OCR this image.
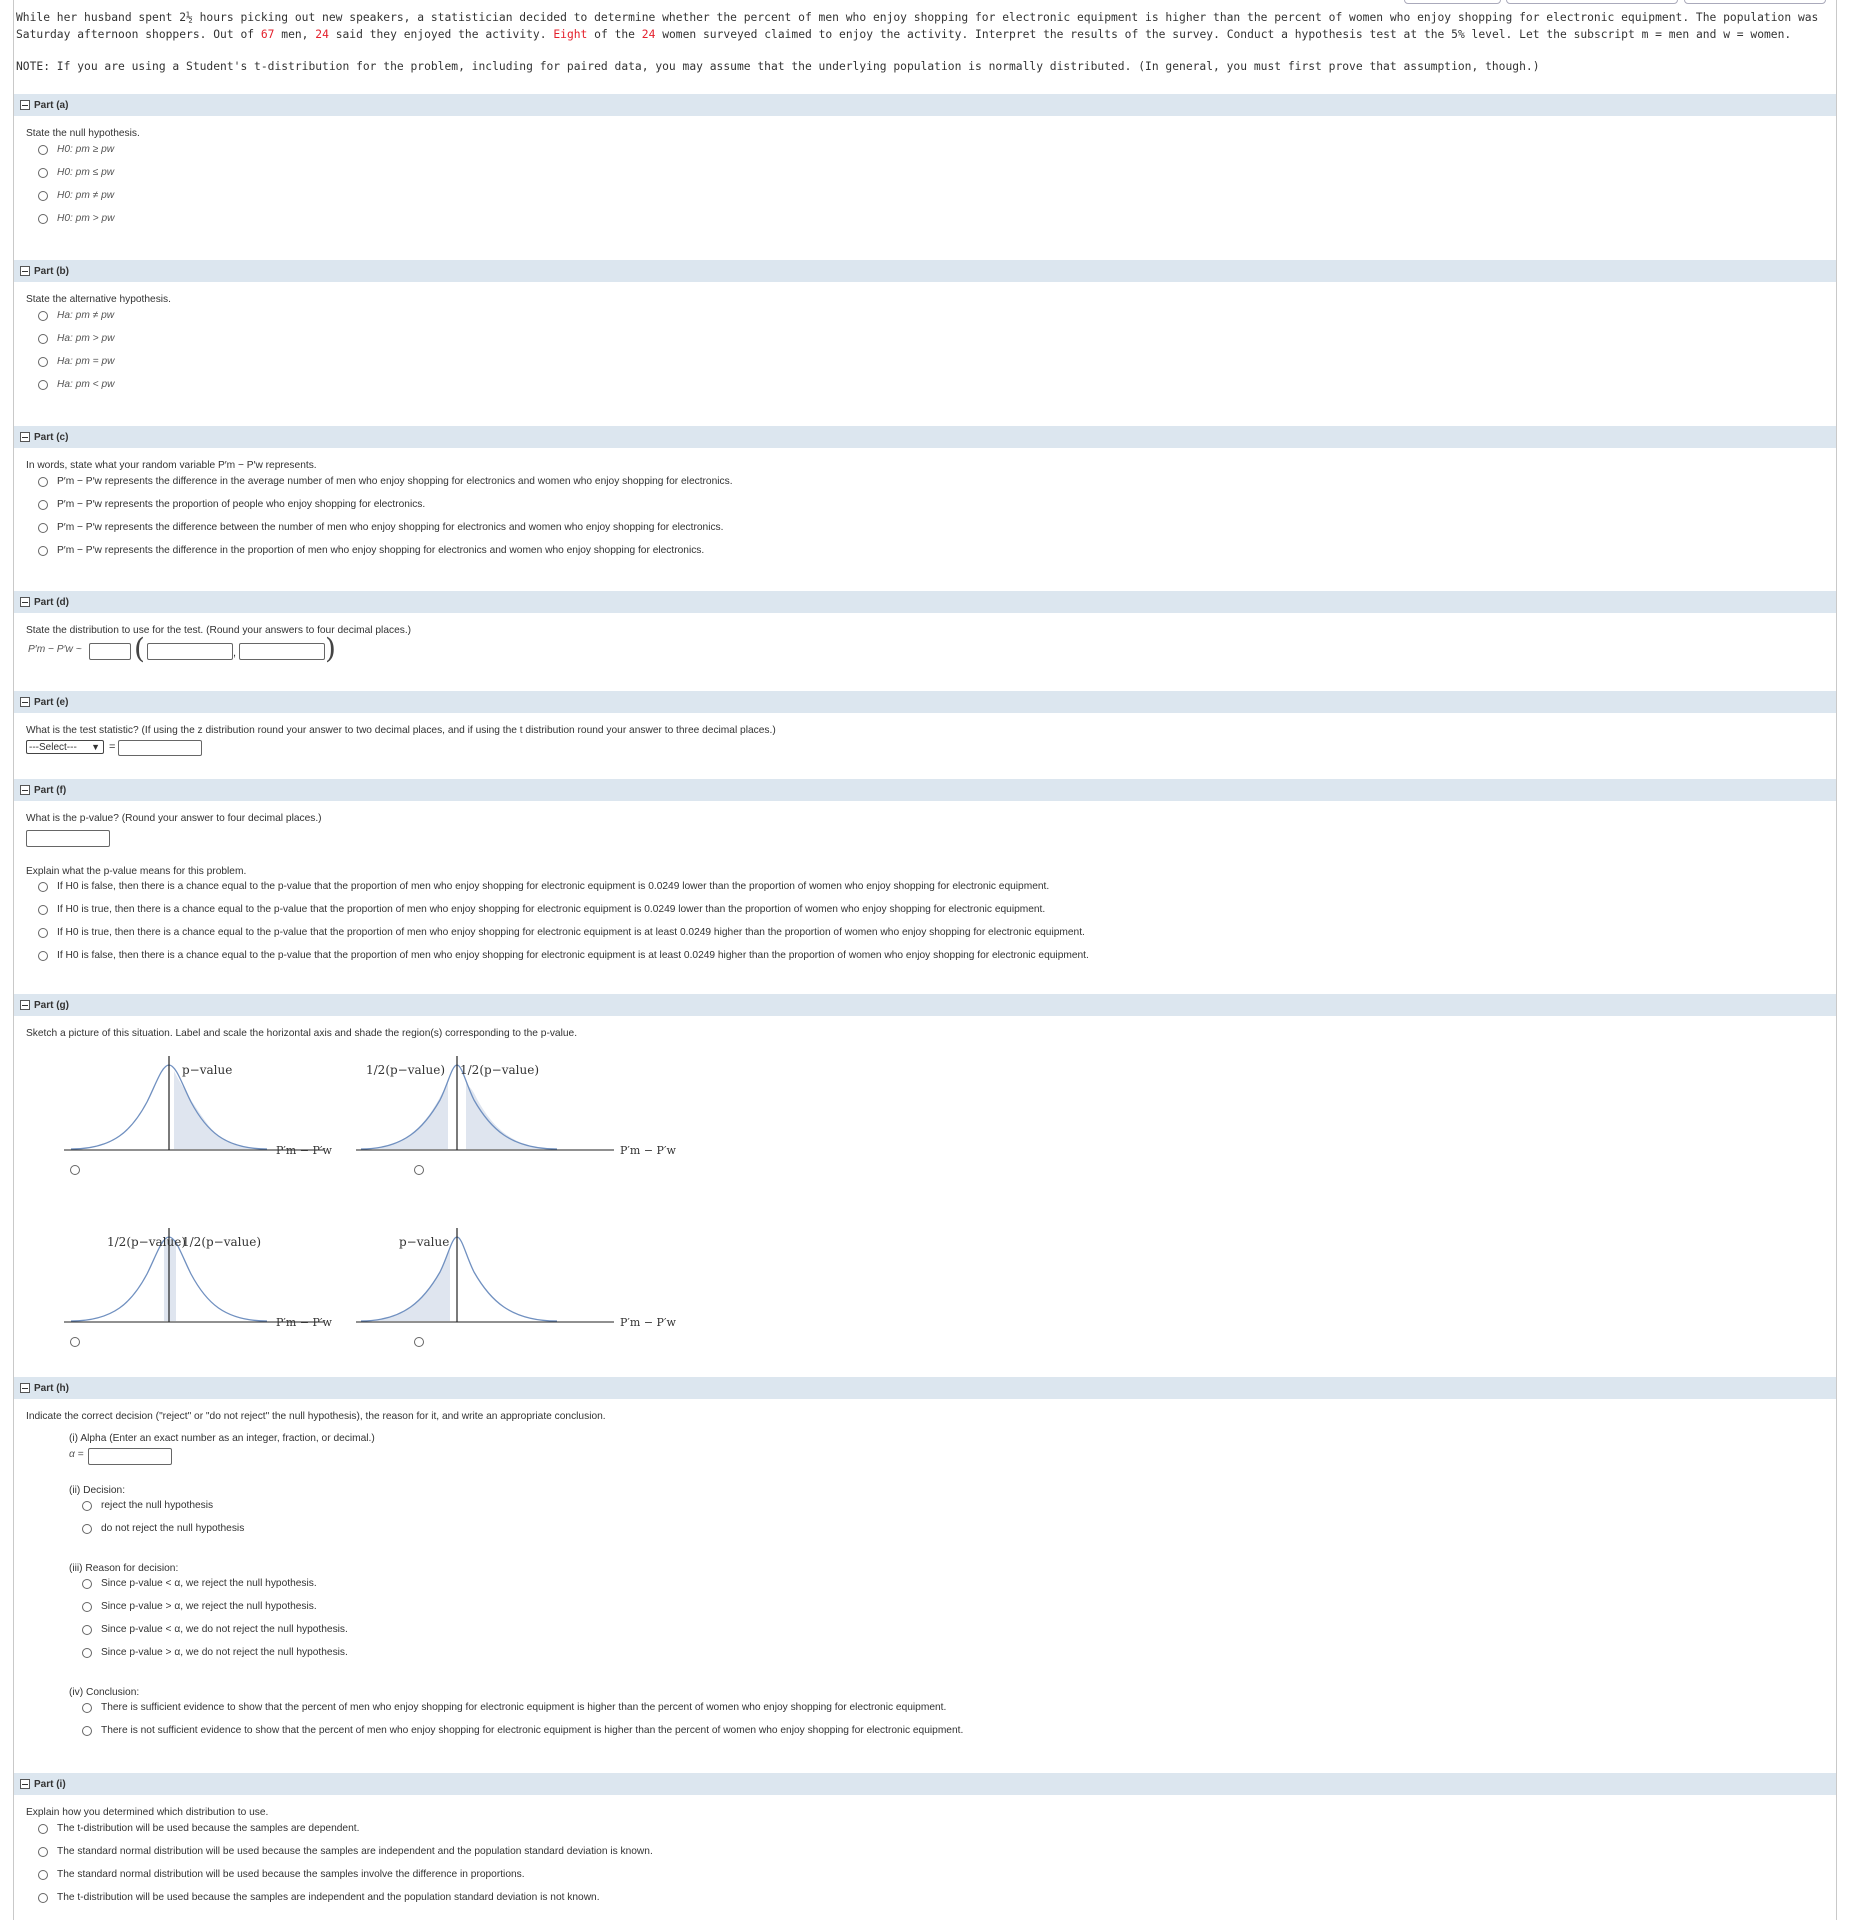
While her husband spent 2½ hours picking out new speakers, a statistician decided to determine whether the percent of men who enjoy shopping for electronic equipment is higher than the percent of women who enjoy shopping for electronic equipment. The population was Saturday afternoon shoppers. Out of 67 men, 24 said they enjoyed the activity. Eight of the 24 women surveyed claimed to enjoy the activity. Interpret the results of the survey. Conduct a hypothesis test at the 5% level. Let the subscript m = men and w = women.
NOTE: If you are using a Student's t-distribution for the problem, including for paired data, you may assume that the underlying population is normally distributed. (In general, you must first prove that assumption, though.)
Part (a)
State the null hypothesis.
H0: pm ≥ pw
H0: pm ≤ pw
H0: pm ≠ pw
H0: pm > pw
Part (b)
State the alternative hypothesis.
Ha: pm ≠ pw
Ha: pm > pw
Ha: pm = pw
Ha: pm < pw
Part (c)
In words, state what your random variable P′m − P′w represents.
P′m − P′w represents the difference in the average number of men who enjoy shopping for electronics and women who enjoy shopping for electronics.
P′m − P′w represents the proportion of people who enjoy shopping for electronics.
P′m − P′w represents the difference between the number of men who enjoy shopping for electronics and women who enjoy shopping for electronics.
P′m − P′w represents the difference in the proportion of men who enjoy shopping for electronics and women who enjoy shopping for electronics.
Part (d)
State the distribution to use for the test. (Round your answers to four decimal places.)
P′m − P′w ~ (	,	)
Part (e)
What is the test statistic? (If using the z distribution round your answer to two decimal places, and if using the t distribution round your answer to three decimal places.)
---Select--- ▼ =
Part (f)
What is the p-value? (Round your answer to four decimal places.)
Explain what the p-value means for this problem.
If H0 is false, then there is a chance equal to the p-value that the proportion of men who enjoy shopping for electronic equipment is 0.0249 lower than the proportion of women who enjoy shopping for electronic equipment.
If H0 is true, then there is a chance equal to the p-value that the proportion of men who enjoy shopping for electronic equipment is 0.0249 lower than the proportion of women who enjoy shopping for electronic equipment.
If H0 is true, then there is a chance equal to the p-value that the proportion of men who enjoy shopping for electronic equipment is at least 0.0249 higher than the proportion of women who enjoy shopping for electronic equipment.
If H0 is false, then there is a chance equal to the p-value that the proportion of men who enjoy shopping for electronic equipment is at least 0.0249 higher than the proportion of women who enjoy shopping for electronic equipment.
Part (g)
Sketch a picture of this situation. Label and scale the horizontal axis and shade the region(s) corresponding to the p-value.
p−value
P′m − P′w
1/2(p−value) 1/2(p−value)
P′m − P′w
1/2(p−value)
1/2(p−value)
P′m − P′w
p−value
P′m − P′w
Part (h)
Indicate the correct decision ("reject" or "do not reject" the null hypothesis), the reason for it, and write an appropriate conclusion.
(i) Alpha (Enter an exact number as an integer, fraction, or decimal.)
α =
(ii) Decision:
reject the null hypothesis
do not reject the null hypothesis
(iii) Reason for decision:
Since p-value < α, we reject the null hypothesis.
Since p-value > α, we reject the null hypothesis.
Since p-value < α, we do not reject the null hypothesis.
Since p-value > α, we do not reject the null hypothesis.
(iv) Conclusion:
There is sufficient evidence to show that the percent of men who enjoy shopping for electronic equipment is higher than the percent of women who enjoy shopping for electronic equipment.
There is not sufficient evidence to show that the percent of men who enjoy shopping for electronic equipment is higher than the percent of women who enjoy shopping for electronic equipment.
Part (i)
Explain how you determined which distribution to use.
The t-distribution will be used because the samples are dependent.
The standard normal distribution will be used because the samples are independent and the population standard deviation is known.
The standard normal distribution will be used because the samples involve the difference in proportions.
The t-distribution will be used because the samples are independent and the population standard deviation is not known.
